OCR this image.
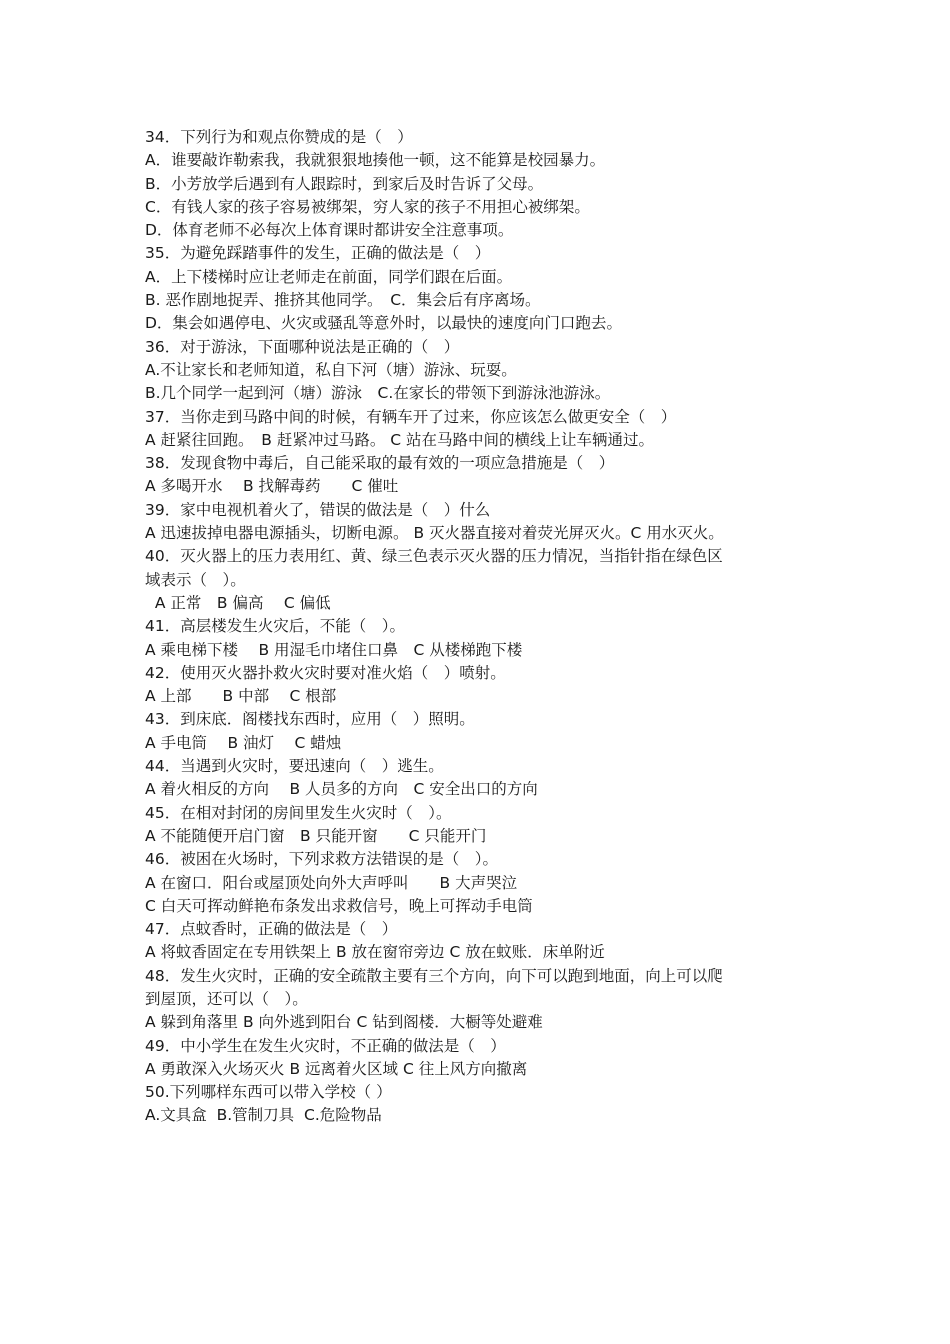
34．下列行为和观点你赞成的是（　）
A．谁要敲诈勒索我，我就狠狠地揍他一顿，这不能算是校园暴力。
B．小芳放学后遇到有人跟踪时，到家后及时告诉了父母。
C．有钱人家的孩子容易被绑架，穷人家的孩子不用担心被绑架。
D．体育老师不必每次上体育课时都讲安全注意事项。
35．为避免踩踏事件的发生，正确的做法是（　）
A．上下楼梯时应让老师走在前面，同学们跟在后面。
B. 恶作剧地捉弄、推挤其他同学。　C．集会后有序离场。
D．集会如遇停电、火灾或骚乱等意外时，以最快的速度向门口跑去。
36．对于游泳，下面哪种说法是正确的（　）
A.不让家长和老师知道，私自下河（塘）游泳、玩耍。
B.几个同学一起到河（塘）游泳　C.在家长的带领下到游泳池游泳。
37．当你走到马路中间的时候，有辆车开了过来，你应该怎么做更安全（　）
A 赶紧往回跑。　B 赶紧冲过马路。 C 站在马路中间的横线上让车辆通过。
38．发现食物中毒后，自己能采取的最有效的一项应急措施是（　）
A 多喝开水　 B 找解毒药　　C 催吐
39．家中电视机着火了，错误的做法是（　）什么
A 迅速拔掉电器电源插头，切断电源。 B 灭火器直接对着荧光屏灭火。C 用水灭火。
40．灭火器上的压力表用红、黄、绿三色表示灭火器的压力情况，当指针指在绿色区
域表示（　）。
A 正常　B 偏高　 C 偏低
41．高层楼发生火灾后，不能（　）。
A 乘电梯下楼　 B 用湿毛巾堵住口鼻　C 从楼梯跑下楼
42．使用灭火器扑救火灾时要对准火焰（　）喷射。
A 上部　　B 中部　 C 根部
43．到床底．阁楼找东西时，应用（　）照明。
A 手电筒　 B 油灯　 C 蜡烛
44．当遇到火灾时，要迅速向（　）逃生。
A 着火相反的方向　 B 人员多的方向　C 安全出口的方向
45．在相对封闭的房间里发生火灾时（　）。
A 不能随便开启门窗　B 只能开窗　　C 只能开门
46．被困在火场时，下列求救方法错误的是（　）。
A 在窗口．阳台或屋顶处向外大声呼叫　　B 大声哭泣
C 白天可挥动鲜艳布条发出求救信号，晚上可挥动手电筒
47．点蚊香时，正确的做法是（　）
A 将蚊香固定在专用铁架上 B 放在窗帘旁边 C 放在蚊账．床单附近
48．发生火灾时，正确的安全疏散主要有三个方向，向下可以跑到地面，向上可以爬
到屋顶，还可以（　）。
A 躲到角落里 B 向外逃到阳台 C 钻到阁楼．大橱等处避难
49．中小学生在发生火灾时，不正确的做法是（　）
A 勇敢深入火场灭火 B 远离着火区域 C 往上风方向撤离
50.下列哪样东西可以带入学校（ ）
A.文具盒  B.管制刀具  C.危险物品
